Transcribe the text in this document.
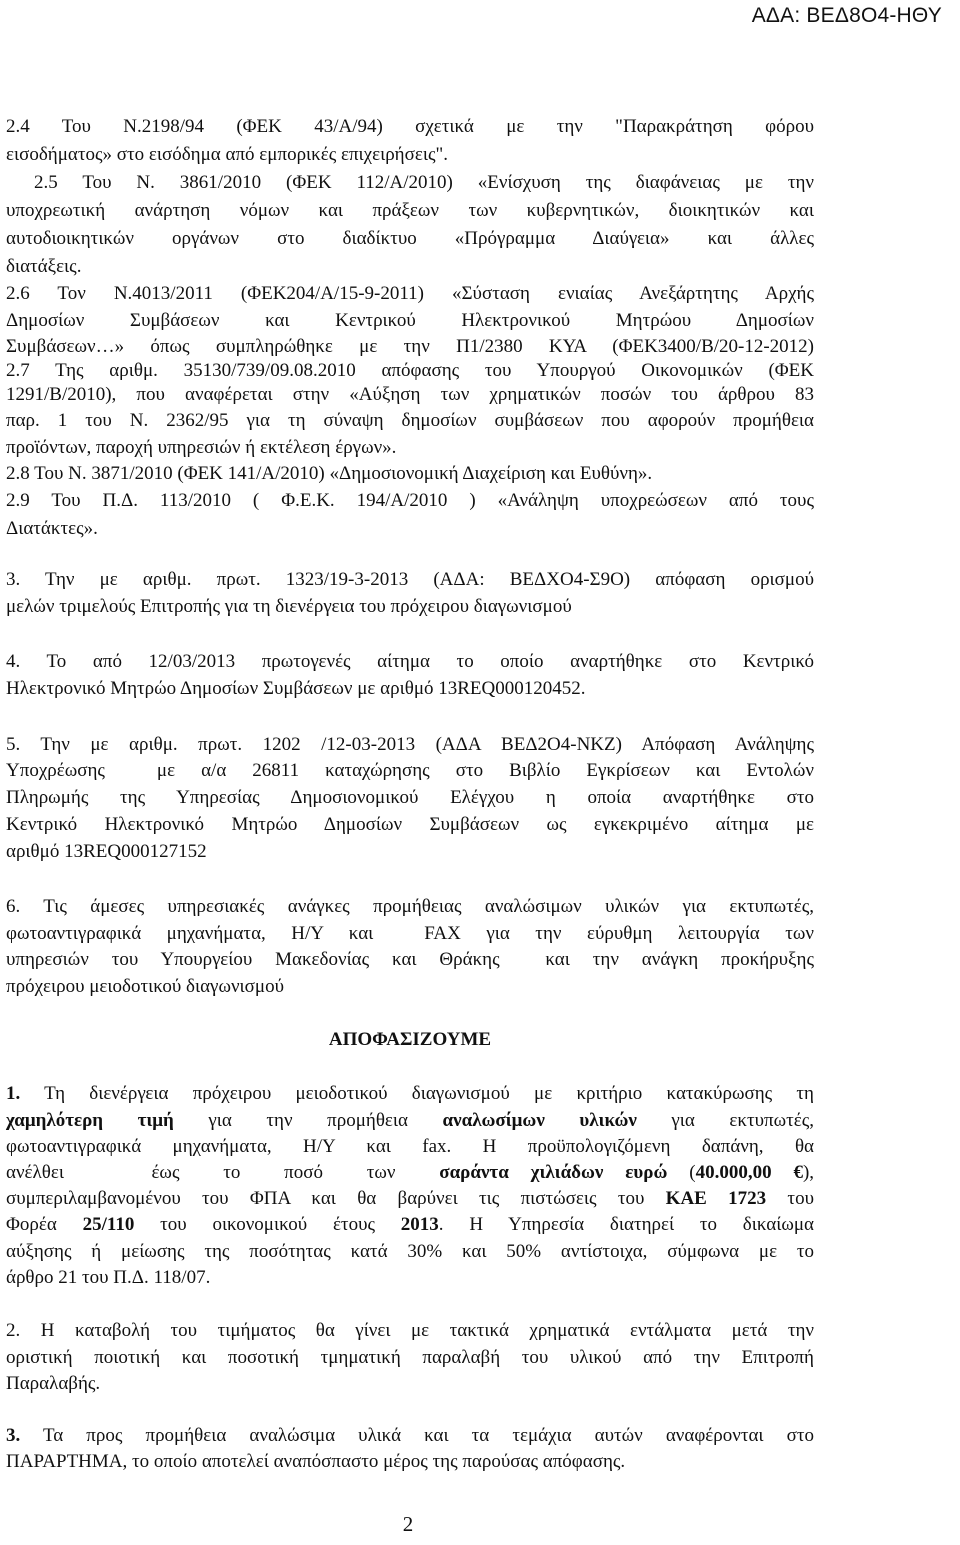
ΑΔΑ: ΒΕΔ8Ο4-ΗΘΥ
2.4 Του Ν.2198/94 (ΦΕΚ 43/Α/94) σχετικά με την "Παρακράτηση φόρου
εισοδήματος» στο εισόδημα από εμπορικές επιχειρήσεις".
2.5 Του Ν. 3861/2010 (ΦΕΚ 112/Α/2010) «Ενίσχυση της διαφάνειας με την
υποχρεωτική ανάρτηση νόμων και πράξεων των κυβερνητικών, διοικητικών και
αυτοδιοικητικών οργάνων στο διαδίκτυο «Πρόγραμμα Διαύγεια» και άλλες
διατάξεις.
2.6 Τον Ν.4013/2011 (ΦΕΚ204/Α/15-9-2011) «Σύσταση ενιαίας Ανεξάρτητης Αρχής
Δημοσίων Συμβάσεων και Κεντρικού Ηλεκτρονικού Μητρώου Δημοσίων
Συμβάσεων…» όπως συμπληρώθηκε με την Π1/2380 ΚΥΑ (ΦΕΚ3400/Β/20-12-2012)
2.7 Της αριθμ. 35130/739/09.08.2010 απόφασης του Υπουργού Οικονομικών (ΦΕΚ
1291/Β/2010), που αναφέρεται στην «Αύξηση των χρηματικών ποσών του άρθρου 83
παρ. 1 του Ν. 2362/95 για τη σύναψη δημοσίων συμβάσεων που αφορούν προμήθεια
προϊόντων, παροχή υπηρεσιών ή εκτέλεση έργων».
2.8 Του Ν. 3871/2010 (ΦΕΚ 141/Α/2010) «Δημοσιονομική Διαχείριση και Ευθύνη».
2.9 Του Π.Δ. 113/2010 ( Φ.Ε.Κ. 194/Α/2010 ) «Ανάληψη υποχρεώσεων από τους
Διατάκτες».
3. Την με αριθμ. πρωτ. 1323/19-3-2013 (ΑΔΑ: ΒΕΔΧΟ4-Σ9Ο) απόφαση ορισμού
μελών τριμελούς Επιτροπής για τη διενέργεια του πρόχειρου διαγωνισμού
4. Το από 12/03/2013 πρωτογενές αίτημα το οποίο αναρτήθηκε στο Κεντρικό
Ηλεκτρονικό Μητρώο Δημοσίων Συμβάσεων με αριθμό 13REQ000120452.
5. Την με αριθμ. πρωτ. 1202 /12-03-2013 (ΑΔΑ ΒΕΔ2Ο4-ΝΚΖ) Απόφαση Ανάληψης
Υποχρέωσης  με α/α 26811 καταχώρησης στο Βιβλίο Εγκρίσεων και Εντολών
Πληρωμής της Υπηρεσίας Δημοσιονομικού Ελέγχου η οποία αναρτήθηκε στο
Κεντρικό Ηλεκτρονικό Μητρώο Δημοσίων Συμβάσεων ως εγκεκριμένο αίτημα με
αριθμό 13REQ000127152
6. Τις άμεσες υπηρεσιακές ανάγκες προμήθειας αναλώσιμων υλικών για εκτυπωτές,
φωτοαντιγραφικά μηχανήματα, Η/Υ και  FAX για την εύρυθμη λειτουργία των
υπηρεσιών του Υπουργείου Μακεδονίας και Θράκης  και την ανάγκη προκήρυξης
πρόχειρου μειοδοτικού διαγωνισμού
ΑΠΟΦΑΣΙΖΟΥΜΕ
1. Τη διενέργεια πρόχειρου μειοδοτικού διαγωνισμού με κριτήριο κατακύρωσης τη
χαμηλότερη τιμή για την προμήθεια αναλωσίμων υλικών για εκτυπωτές,
φωτοαντιγραφικά μηχανήματα, Η/Υ και fax. Η προϋπολογιζόμενη δαπάνη, θα
ανέλθει    έως  το  ποσό  των  σαράντα χιλιάδων ευρώ (40.000,00 €),
συμπεριλαμβανομένου του ΦΠΑ και θα βαρύνει τις πιστώσεις του ΚΑΕ 1723 του
Φορέα 25/110 του οικονομικού έτους 2013. Η Υπηρεσία διατηρεί το δικαίωμα
αύξησης ή μείωσης της ποσότητας κατά 30% και 50% αντίστοιχα, σύμφωνα με το
άρθρο 21 του Π.Δ. 118/07.
2. Η καταβολή του τιμήματος θα γίνει με τακτικά χρηματικά εντάλματα μετά την
οριστική ποιοτική και ποσοτική τμηματική παραλαβή του υλικού από την Επιτροπή
Παραλαβής.
3. Τα προς προμήθεια αναλώσιμα υλικά και τα τεμάχια αυτών αναφέρονται στο
ΠΑΡΑΡΤΗΜΑ, το οποίο αποτελεί αναπόσπαστο μέρος της παρούσας απόφασης.
2
